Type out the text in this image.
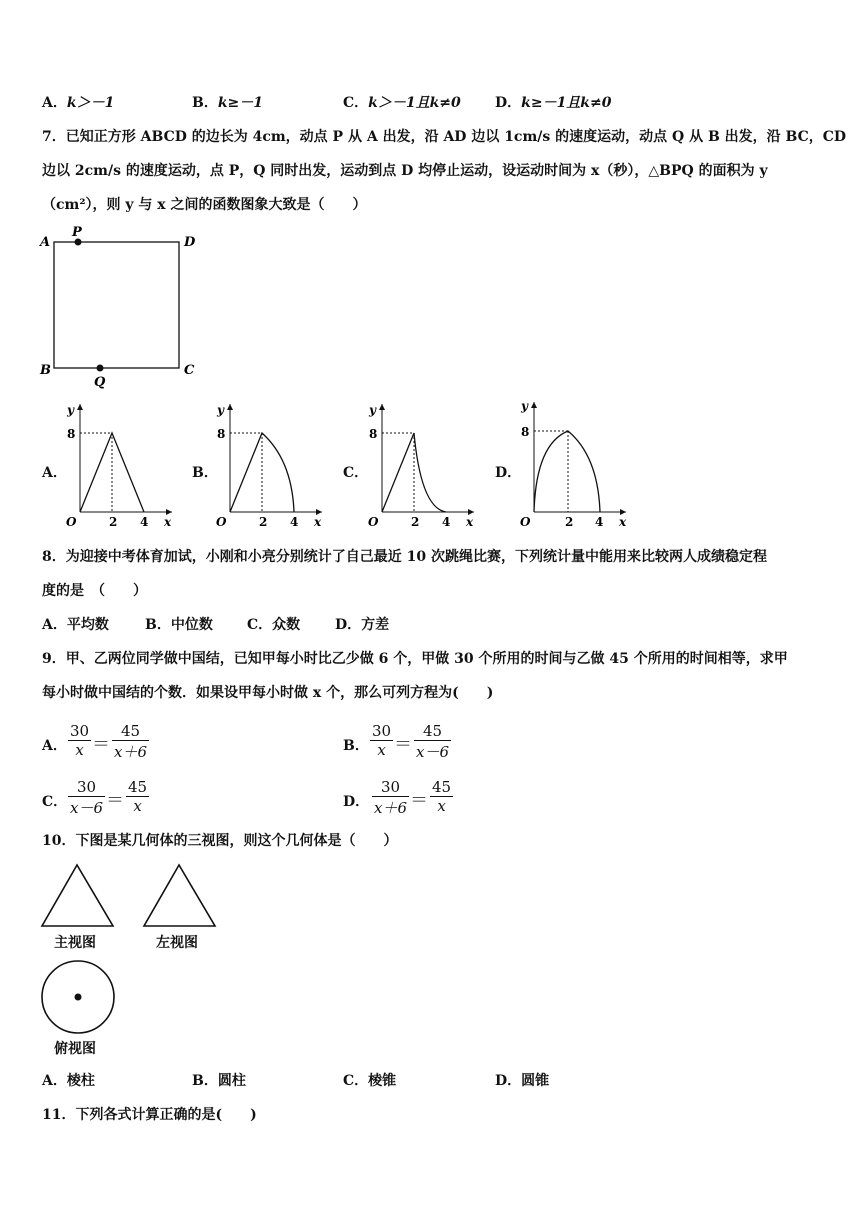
A．k＞－1	B．k≥－1	C．k＞－1且k≠0 D．k≥－1且k≠0
7．已知正方形 ABCD 的边长为 4cm，动点 P 从 A 出发，沿 AD 边以 1cm/s 的速度运动，动点 Q 从 B 出发，沿 BC，CD
边以 2cm/s 的速度运动，点 P，Q 同时出发，运动到点 D 均停止运动，设运动时间为 x（秒），△BPQ 的面积为 y
（cm²），则 y 与 x 之间的函数图象大致是（　　）
A
P
D
B
Q
C
A．	B．	C．	D．
y
8
O	2 4 x
y
8
O	2 4 x
y
8
O	2 4 x
y
8
O	2 4 x
8．为迎接中考体育加试，小刚和小亮分别统计了自己最近 10 次跳绳比赛，下列统计量中能用来比较两人成绩稳定程
度的是　（　　）
A．平均数	B．中位数 C．众数 D．方差
9．甲、乙两位同学做中国结，已知甲每小时比乙少做 6 个，甲做 30 个所用的时间与乙做 45 个所用的时间相等，求甲
每小时做中国结的个数．如果设甲每小时做 x 个，那么可列方程为(　　)
A． $\frac{30}{x} = \frac{45}{x+6}$	B． $\frac{30}{x} = \frac{45}{x-6}$
C． $\frac{30}{x-6} = \frac{45}{x}$	D． $\frac{30}{x+6} = \frac{45}{x}$
10．下图是某几何体的三视图，则这个几何体是（　　）
主视图	左视图
俯视图
A．棱柱	B．圆柱	C．棱锥	D．圆锥
11．下列各式计算正确的是(　　)
